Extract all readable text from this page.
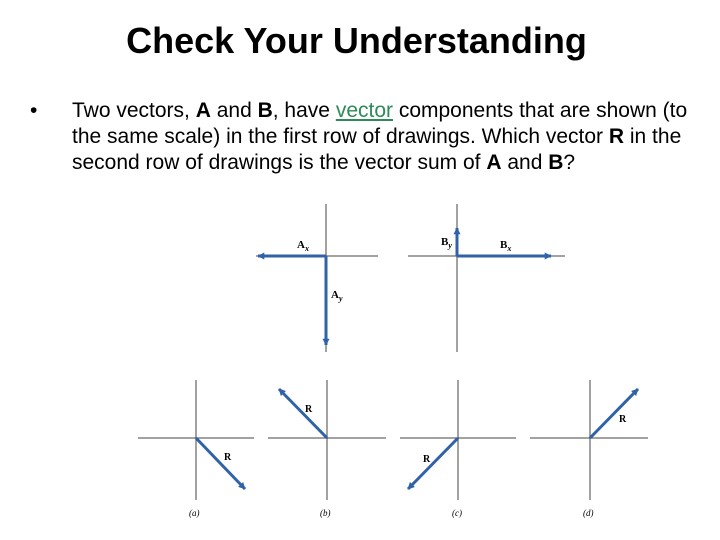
Check Your Understanding
• Two vectors, A and B, have vector components that are shown (to the same scale) in the first row of drawings. Which vector R in the second row of drawings is the vector sum of A and B?
$A_x$
$A_y$
$B_y$	$B_x$
R
(a)
R
(b)
R
(c)
R
(d)
